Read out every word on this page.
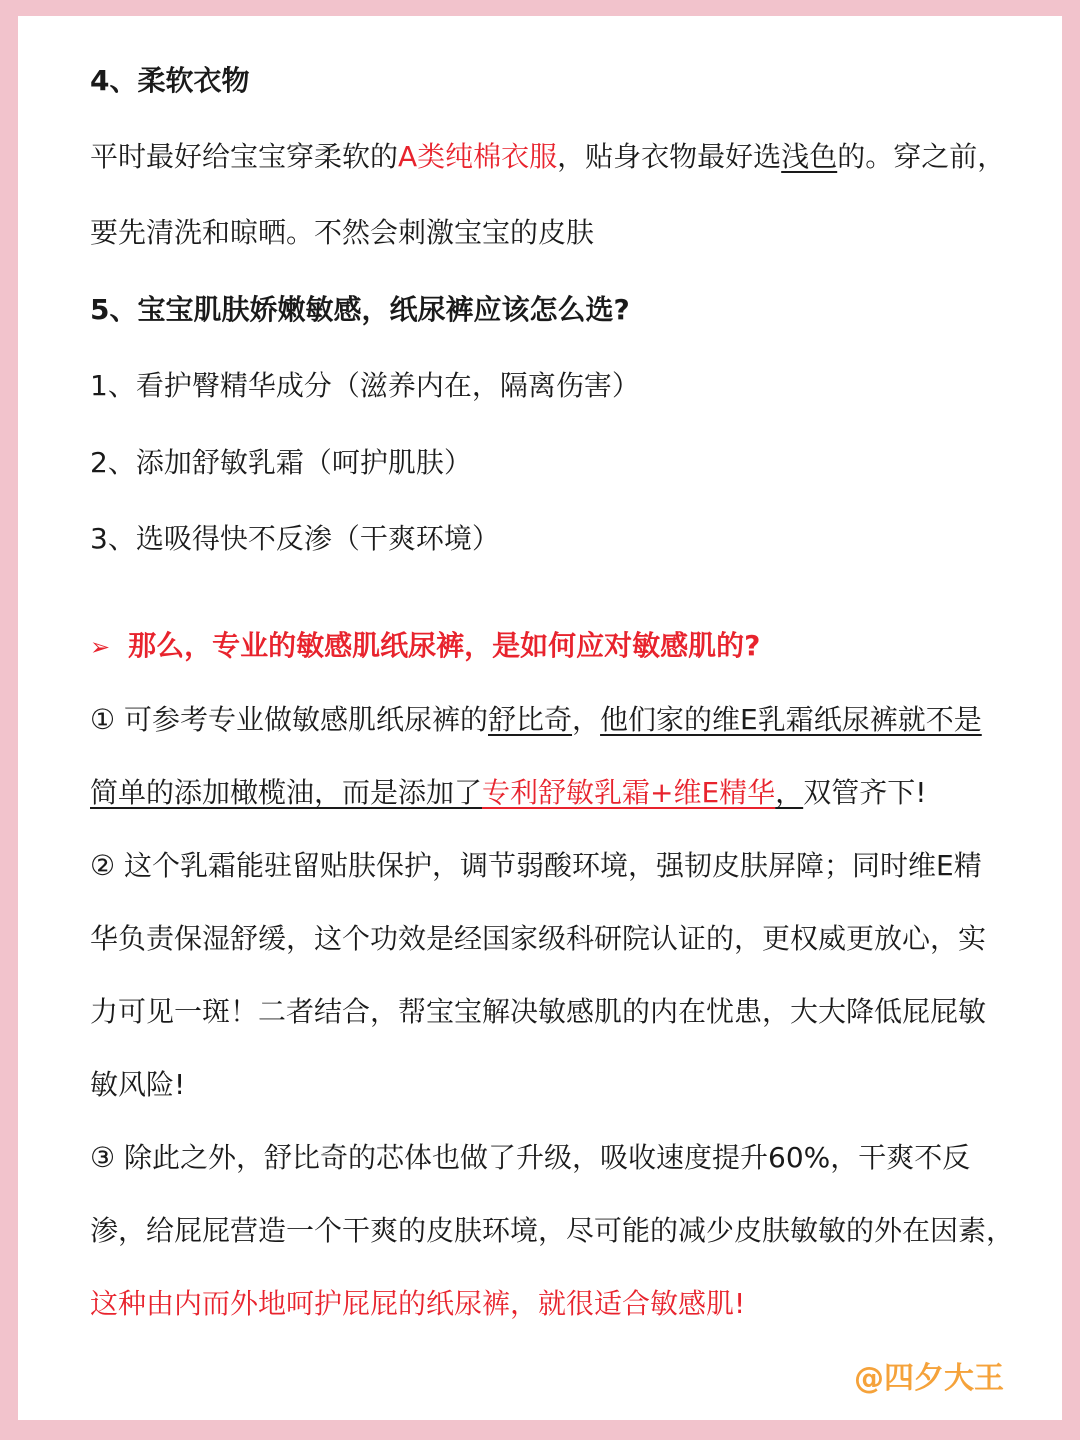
4、柔软衣物
平时最好给宝宝穿柔软的A类纯棉衣服，贴身衣物最好选浅色的。穿之前，
要先清洗和晾晒。不然会刺激宝宝的皮肤
5、宝宝肌肤娇嫩敏感，纸尿裤应该怎么选?
1、看护臀精华成分（滋养内在，隔离伤害）
2、添加舒敏乳霜（呵护肌肤）
3、选吸得快不反渗（干爽环境）
➢ 那么，专业的敏感肌纸尿裤，是如何应对敏感肌的?
① 可参考专业做敏感肌纸尿裤的舒比奇，他们家的维E乳霜纸尿裤就不是
简单的添加橄榄油，而是添加了专利舒敏乳霜+维E精华，双管齐下!
② 这个乳霜能驻留贴肤保护，调节弱酸环境，强韧皮肤屏障；同时维E精
华负责保湿舒缓，这个功效是经国家级科研院认证的，更权威更放心，实
力可见一斑！二者结合，帮宝宝解决敏感肌的内在忧患，大大降低屁屁敏
敏风险!
③ 除此之外，舒比奇的芯体也做了升级，吸收速度提升60%，干爽不反
渗，给屁屁营造一个干爽的皮肤环境，尽可能的减少皮肤敏敏的外在因素，
这种由内而外地呵护屁屁的纸尿裤，就很适合敏感肌!
@四夕大王
